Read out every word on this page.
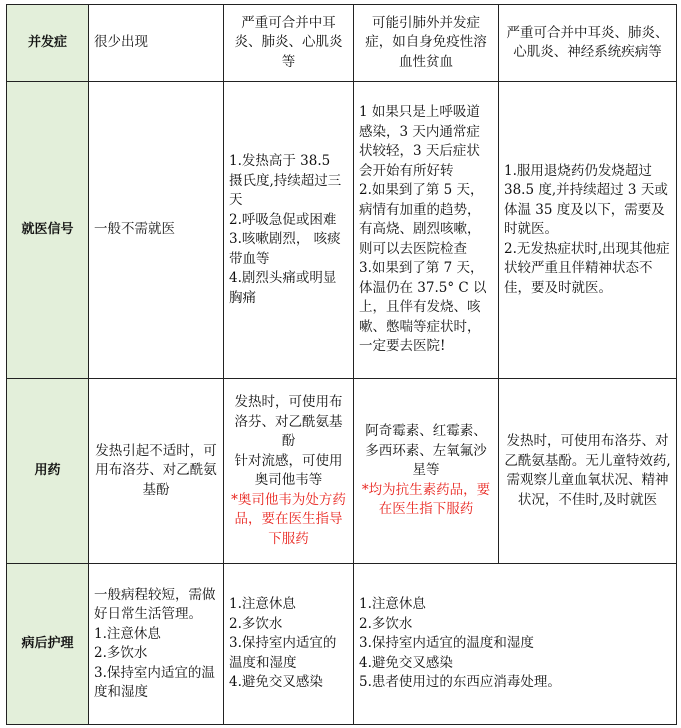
并发症	很少出现	严重可合并中耳炎、肺炎、心肌炎等	可能引肺外并发症症，如自身免疫性溶血性贫血	严重可合并中耳炎、肺炎、心肌炎、神经系统疾病等
就医信号	一般不需就医	1.发热高于 38.5 摄氏度,持续超过三天
2.呼吸急促或困难
3.咳嗽剧烈， 咳痰带血等
4.剧烈头痛或明显胸痛	1 如果只是上呼吸道感染，3 天内通常症状较轻，3 天后症状会开始有所好转
2.如果到了第 5 天，病情有加重的趋势，有高烧、剧烈咳嗽，则可以去医院检查
3.如果到了第 7 天，体温仍在 37.5° C 以上，且伴有发烧、咳嗽、憋喘等症状时，一定要去医院!	1.服用退烧药仍发烧超过 38.5 度,并持续超过 3 天或体温 35 度及以下，需要及时就医。
2.无发热症状时,出现其他症状较严重且伴精神状态不佳，要及时就医。

用药	发热引起不适时，可用布洛芬、对乙酰氨基酚	发热时，可使用布洛芬、对乙酰氨基酚
针对流感，可使用奥司他韦等
*奥司他韦为处方药品，要在医生指导下服药	阿奇霉素、红霉素、多西环素、左氧氟沙星等
*均为抗生素药品，要在医生指下服药	发热时，可使用布洛芬、对乙酰氨基酚。无儿童特效药,需观察儿童血氧状况、精神状况，不佳时,及时就医
病后护理	一般病程较短，需做好日常生活管理。
1.注意休息
2.多饮水
3.保持室内适宜的温度和湿度	1.注意休息
2.多饮水
3.保持室内适宜的温度和湿度
4.避免交叉感染	1.注意休息
2.多饮水
3.保持室内适宜的温度和湿度
4.避免交叉感染
5.患者使用过的东西应消毒处理。	
